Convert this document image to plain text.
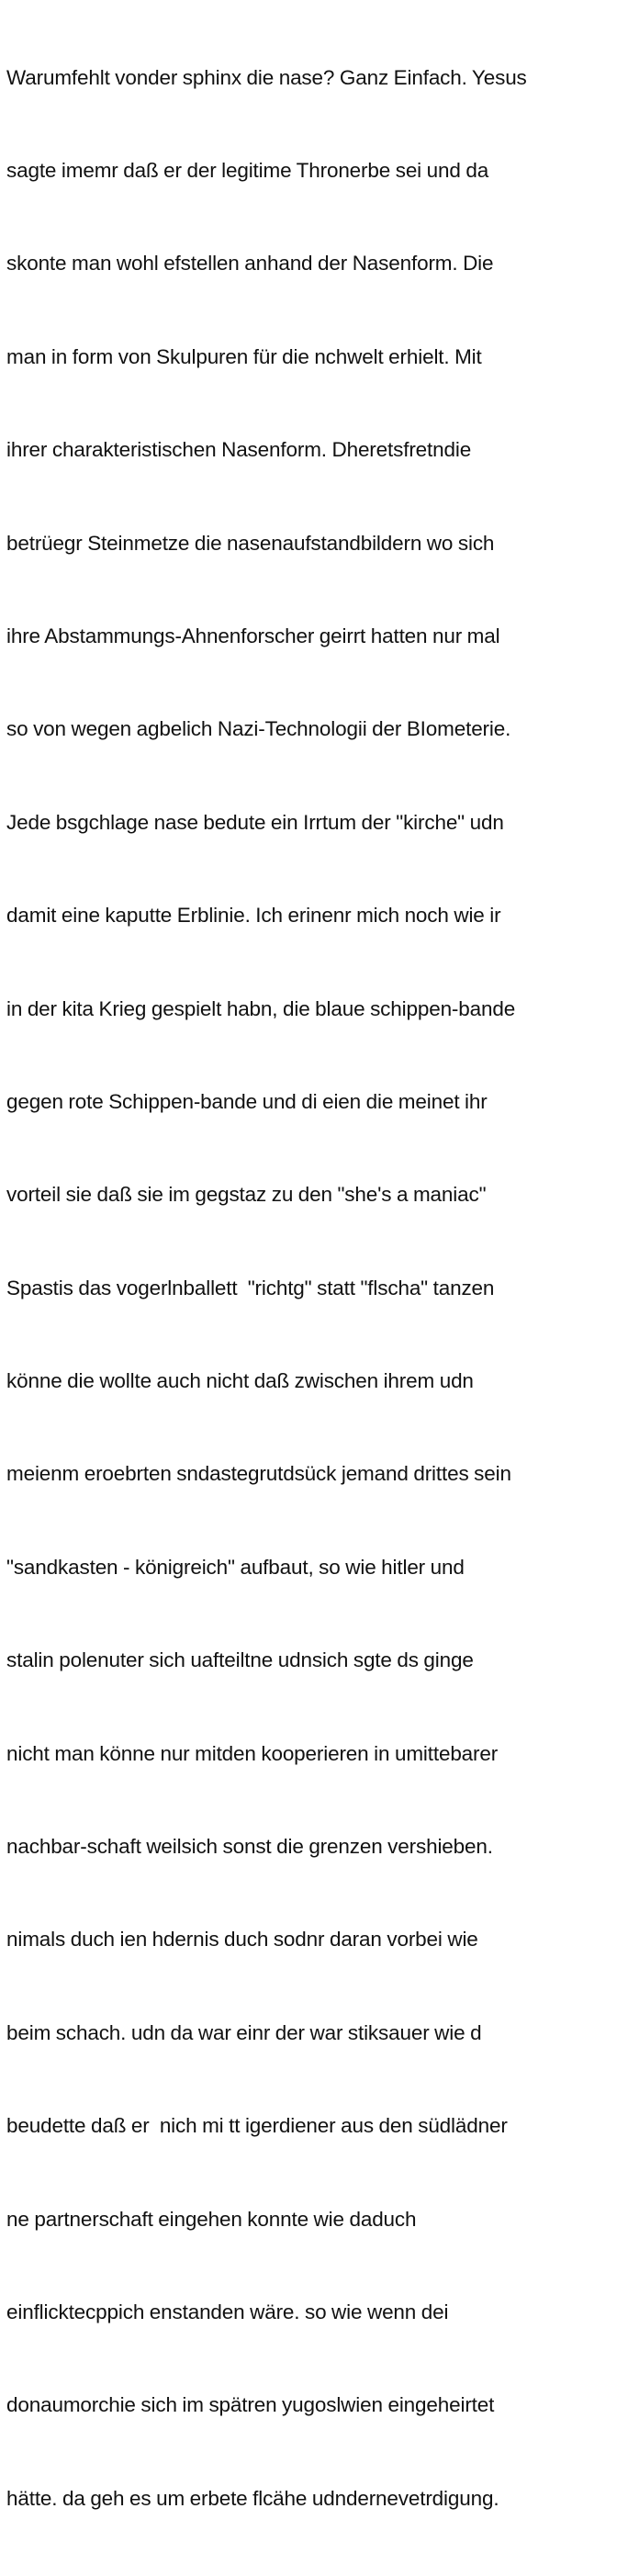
Warumfehlt vonder sphinx die nase? Ganz Einfach. Yesus

sagte imemr daß er der legitime Thronerbe sei und da

skonte man wohl efstellen anhand der Nasenform. Die

man in form von Skulpuren für die nchwelt erhielt. Mit

ihrer charakteristischen Nasenform. Dheretsfretndie

betrüegr Steinmetze die nasenaufstandbildern wo sich

ihre Abstammungs-Ahnenforscher geirrt hatten nur mal

so von wegen agbelich Nazi-Technologii der BIometerie.

Jede bsgchlage nase bedute ein Irrtum der "kirche" udn

damit eine kaputte Erblinie. Ich erinenr mich noch wie ir

in der kita Krieg gespielt habn, die blaue schippen-bande

gegen rote Schippen-bande und di eien die meinet ihr

vorteil sie daß sie im gegstaz zu den "she's a maniac"

Spastis das vogerlnballett  "richtg" statt "flscha" tanzen

könne die wollte auch nicht daß zwischen ihrem udn

meienm eroebrten sndastegrutdsück jemand drittes sein

"sandkasten - königreich" aufbaut, so wie hitler und

stalin polenuter sich uafteiltne udnsich sgte ds ginge

nicht man könne nur mitden kooperieren in umittebarer

nachbar-schaft weilsich sonst die grenzen vershieben.

nimals duch ien hdernis duch sodnr daran vorbei wie

beim schach. udn da war einr der war stiksauer wie d

beudette daß er  nich mi tt igerdiener aus den südlädner

ne partnerschaft eingehen konnte wie daduch

einflicktecppich enstanden wäre. so wie wenn dei

donaumorchie sich im spätren yugoslwien eingeheirtet

hätte. da geh es um erbete flcähe udndernevetrdigung.
